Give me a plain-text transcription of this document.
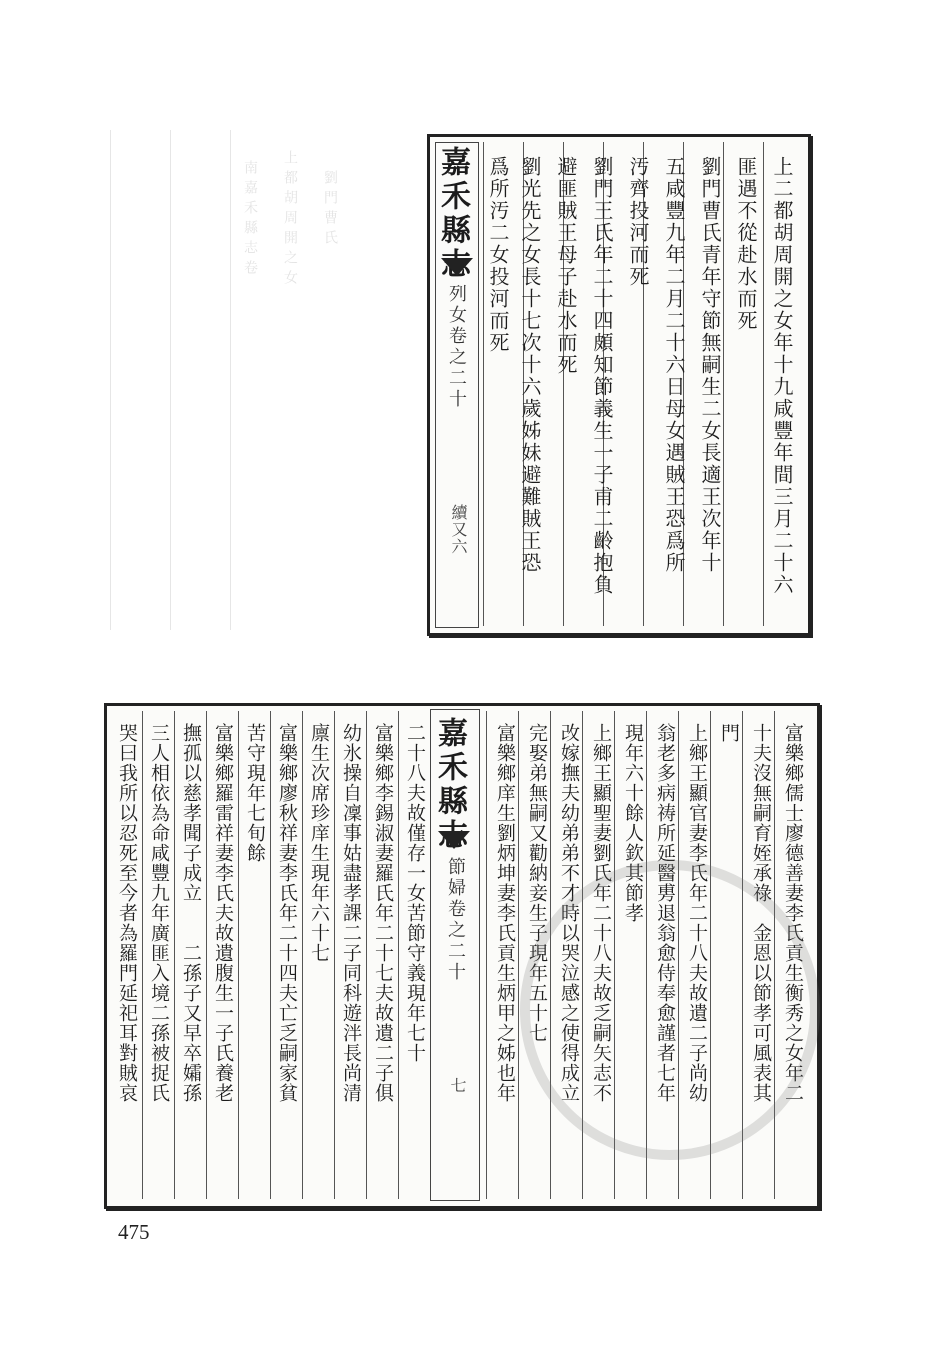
南嘉禾縣志卷 上都胡周開之女 劉門曹氏	嘉禾縣志
列女卷之二十
續又六	上二都胡周開之女年十九咸豐年間三月二十六
匪遇不從赴水而死
劉門曹氏青年守節無嗣生二女長適王次年十
五咸豐九年二月二十六日母女遇賊王恐爲所
汚齊投河而死
劉門王氏年二十四頗知節義生一子甫二齡抱負
避匪賊王母子赴水而死
劉光先之女長十七次十六歲姊妹避難賊王恐
爲所汚二女投河而死
嘉禾縣志
節婦卷之二十
七	富樂鄉儒士廖德善妻李氏貢生衡秀之女年二
十夫沒無嗣育姪承祿　金恩以節孝可風表其
門
上鄉王顯官妻李氏年二十八夫故遺二子尚幼
翁老多病祷所延醫旉退翁愈侍奉愈謹者七年
現年六十餘人欽其節孝
上鄉王顯聖妻劉氏年二十八夫故乏嗣矢志不
改嫁撫夫幼弟弟不才時以哭泣感之使得成立
完娶弟無嗣又勸納妾生子現年五十七
富樂鄉庠生劉炳坤妻李氏貢生炳甲之姊也年
二十八夫故僅存一女苦節守義現年七十
富樂鄉李錫淑妻羅氏年二十七夫故遺二子俱
幼氷操自凜事姑盡孝課二子同科遊泮長尚清
廪生次席珍庠生現年六十七
富樂鄉廖秋祥妻李氏年二十四夫亡乏嗣家貧
苦守現年七旬餘
富樂鄉羅雷祥妻李氏夫故遺腹生一子氏養老
撫孤以慈孝聞子成立　　二孫子又早卒孀孫
三人相依為命咸豐九年廣匪入境二孫被捉氏
哭曰我所以忍死至今者為羅門延祀耳對賊哀
475
